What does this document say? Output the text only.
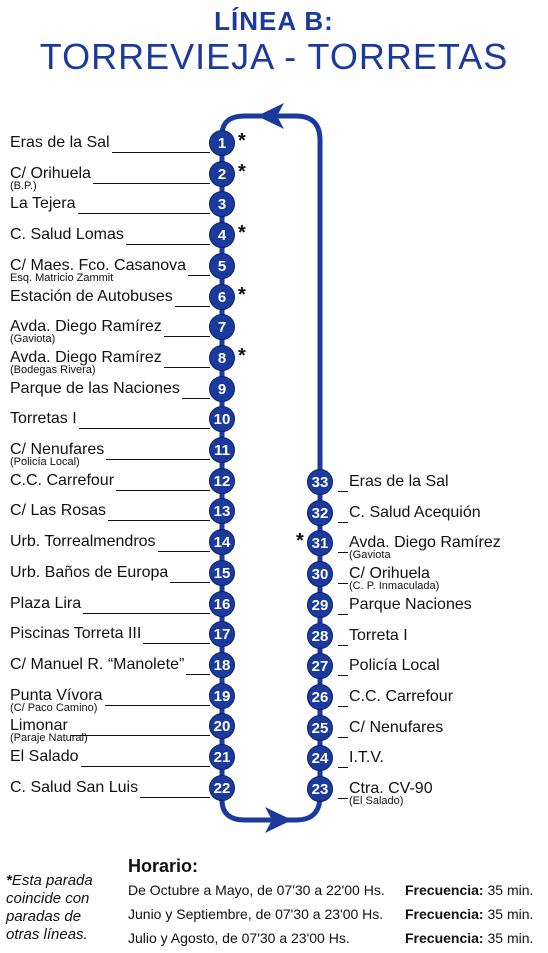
LÍNEA B:
TORREVIEJA - TORRETAS
Eras de la Sal	1 *
C/ Orihuela
(B.P.)
2 *
La Tejera	3
C. Salud Lomas	4 *
C/ Maes. Fco. Casanova
Esq. Matricio Zammit
5
Estación de Autobuses	6 *
Avda. Diego Ramírez
(Gaviota)
7
Avda. Diego Ramírez
(Bodegas Rivera)
8 *
Parque de las Naciones	9
Torretas I	10
C/ Nenufares
(Policía Local)
11
C.C. Carrefour	12
C/ Las Rosas	13
Urb. Torrealmendros	14
Urb. Baños de Europa	15
Plaza Lira	16
Piscinas Torreta III	17
C/ Manuel R. “Manolete”	18
Punta Vívora
(C/ Paco Camino)
19
Limonar
(Paraje Natural)
20
El Salado	21
C. Salud San Luis	22
33 Eras de la Sal
32 C. Salud Acequión
31 Avda. Diego Ramírez
(Gaviota
*
30 C/ Orihuela
(C. P. Inmaculada)
29 Parque Naciones
28 Torreta I
27 Policía Local
26 C.C. Carrefour
25 C/ Nenufares
24 I.T.V.
23 Ctra. CV-90
(El Salado)
*Esta parada coincide con paradas de otras líneas.
Horario:
De Octubre a Mayo, de 07'30 a 22'00 Hs. Frecuencia: 35 min.
Junio y Septiembre, de 07'30 a 23'00 Hs. Frecuencia: 35 min.
Julio y Agosto, de 07'30 a 23'00 Hs.	Frecuencia: 35 min.
